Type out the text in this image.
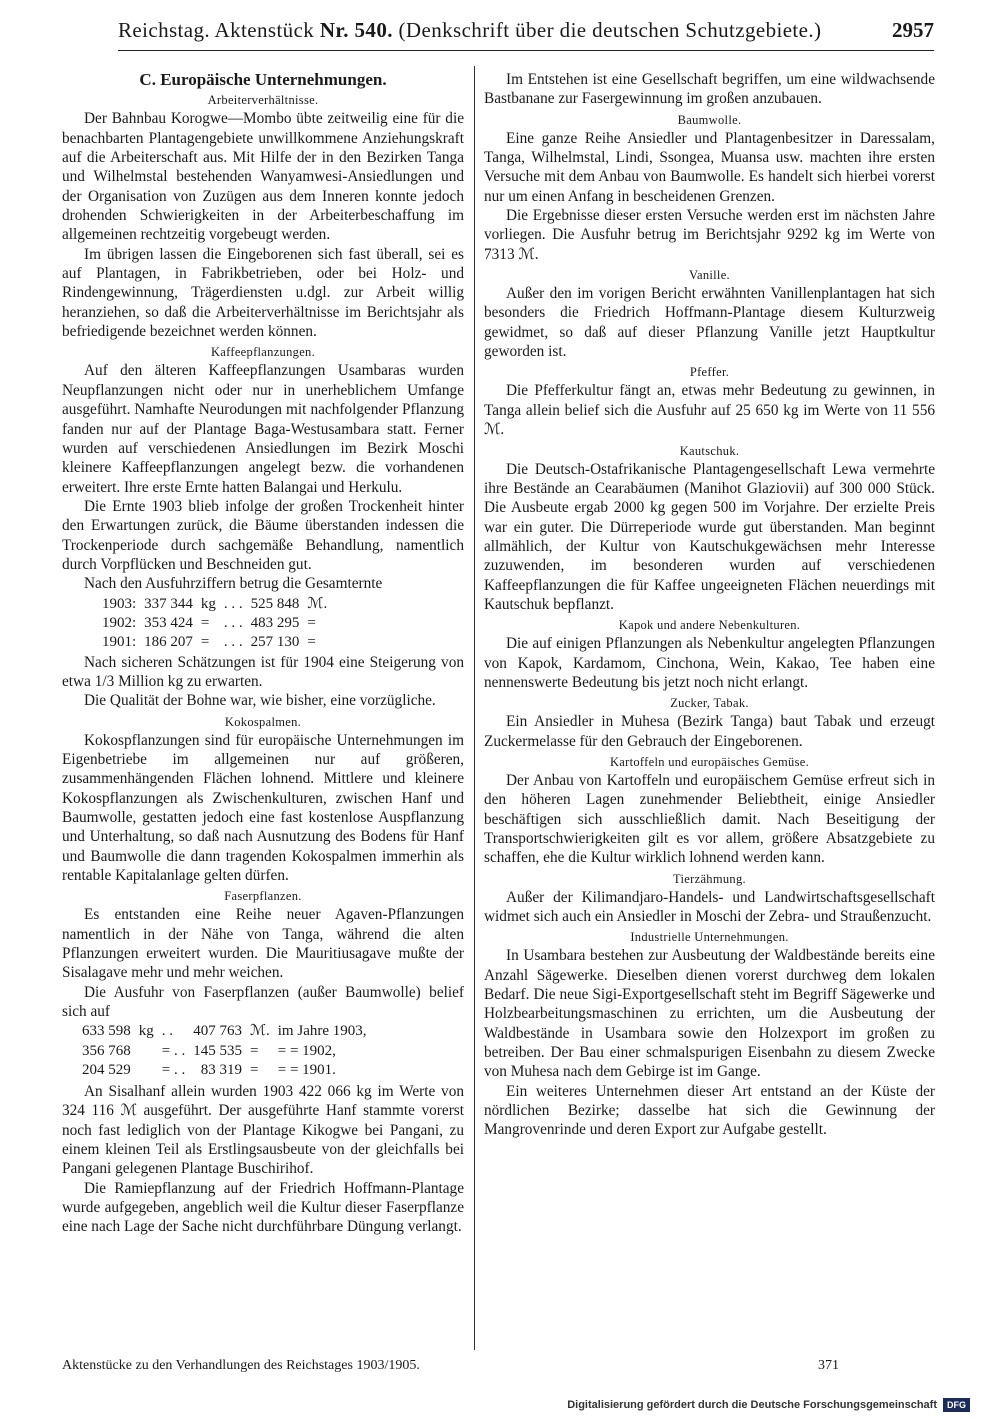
Reichstag. Aktenstück Nr. 540. (Denkschrift über die deutschen Schutzgebiete.)	2957
C. Europäische Unternehmungen.
Arbeiterverhältnisse.

Der Bahnbau Korogwe—Mombo übte zeitweilig eine für die benachbarten Plantagengebiete unwillkommene Anziehungskraft auf die Arbeiterschaft aus. Mit Hilfe der in den Bezirken Tanga und Wilhelmstal bestehenden Wanyamwesi-Ansiedlungen und der Organisation von Zuzügen aus dem Inneren konnte jedoch drohenden Schwierigkeiten in der Arbeiterbeschaffung im allgemeinen rechtzeitig vorgebeugt werden.

Im übrigen lassen die Eingeborenen sich fast überall, sei es auf Plantagen, in Fabrikbetrieben, oder bei Holz- und Rindengewinnung, Trägerdiensten u.dgl. zur Arbeit willig heranziehen, so daß die Arbeiterverhältnisse im Berichtsjahr als befriedigende bezeichnet werden können.

Kaffeepflanzungen.

Auf den älteren Kaffeepflanzungen Usambaras wurden Neupflanzungen nicht oder nur in unerheblichem Umfange ausgeführt. Namhafte Neurodungen mit nachfolgender Pflanzung fanden nur auf der Plantage Baga-Westusambara statt. Ferner wurden auf verschiedenen Ansiedlungen im Bezirk Moschi kleinere Kaffeepflanzungen angelegt bezw. die vorhandenen erweitert. Ihre erste Ernte hatten Balangai und Herkulu.

Die Ernte 1903 blieb infolge der großen Trockenheit hinter den Erwartungen zurück, die Bäume überstanden indessen die Trockenperiode durch sachgemäße Behandlung, namentlich durch Vorpflücken und Beschneiden gut.

Nach den Ausfuhrziffern betrug die Gesamternte

1903:	337 344	kg	. . .	525 848	ℳ.
1902:	353 424	=	. . .	483 295	=
1901:	186 207	=	. . .	257 130	=

Nach sicheren Schätzungen ist für 1904 eine Steigerung von etwa 1/3 Million kg zu erwarten.

Die Qualität der Bohne war, wie bisher, eine vorzügliche.

Kokospalmen.

Kokospflanzungen sind für europäische Unternehmungen im Eigenbetriebe im allgemeinen nur auf größeren, zusammenhängenden Flächen lohnend. Mittlere und kleinere Kokospflanzungen als Zwischenkulturen, zwischen Hanf und Baumwolle, gestatten jedoch eine fast kostenlose Auspflanzung und Unterhaltung, so daß nach Ausnutzung des Bodens für Hanf und Baumwolle die dann tragenden Kokospalmen immerhin als rentable Kapitalanlage gelten dürfen.

Faserpflanzen.

Es entstanden eine Reihe neuer Agaven-Pflanzungen namentlich in der Nähe von Tanga, während die alten Pflanzungen erweitert wurden. Die Mauritiusagave mußte der Sisalagave mehr und mehr weichen.

Die Ausfuhr von Faserpflanzen (außer Baumwolle) belief sich auf

633 598	kg	. .	407 763	ℳ.	im Jahre 1903,
356 768		= . .	145 535	=	= = 1902,
204 529		= . .	83 319	=	= = 1901.

An Sisalhanf allein wurden 1903 422 066 kg im Werte von 324 116 ℳ ausgeführt. Der ausgeführte Hanf stammte vorerst noch fast lediglich von der Plantage Kikogwe bei Pangani, zu einem kleinen Teil als Erstlingsausbeute von der gleichfalls bei Pangani gelegenen Plantage Buschirihof.

Die Ramiepflanzung auf der Friedrich Hoffmann-Plantage wurde aufgegeben, angeblich weil die Kultur dieser Faserpflanze eine nach Lage der Sache nicht durchführbare Düngung verlangt.

Im Entstehen ist eine Gesellschaft begriffen, um eine wildwachsende Bastbanane zur Fasergewinnung im großen anzubauen.

Baumwolle.

Eine ganze Reihe Ansiedler und Plantagenbesitzer in Daressalam, Tanga, Wilhelmstal, Lindi, Ssongea, Muansa usw. machten ihre ersten Versuche mit dem Anbau von Baumwolle. Es handelt sich hierbei vorerst nur um einen Anfang in bescheidenen Grenzen.

Die Ergebnisse dieser ersten Versuche werden erst im nächsten Jahre vorliegen. Die Ausfuhr betrug im Berichtsjahr 9292 kg im Werte von 7313 ℳ.

Vanille.

Außer den im vorigen Bericht erwähnten Vanillenplantagen hat sich besonders die Friedrich Hoffmann-Plantage diesem Kulturzweig gewidmet, so daß auf dieser Pflanzung Vanille jetzt Hauptkultur geworden ist.

Pfeffer.

Die Pfefferkultur fängt an, etwas mehr Bedeutung zu gewinnen, in Tanga allein belief sich die Ausfuhr auf 25 650 kg im Werte von 11 556 ℳ.

Kautschuk.

Die Deutsch-Ostafrikanische Plantagengesellschaft Lewa vermehrte ihre Bestände an Cearabäumen (Manihot Glaziovii) auf 300 000 Stück. Die Ausbeute ergab 2000 kg gegen 500 im Vorjahre. Der erzielte Preis war ein guter. Die Dürreperiode wurde gut überstanden. Man beginnt allmählich, der Kultur von Kautschukgewächsen mehr Interesse zuzuwenden, im besonderen wurden auf verschiedenen Kaffeepflanzungen die für Kaffee ungeeigneten Flächen neuerdings mit Kautschuk bepflanzt.

Kapok und andere Nebenkulturen.

Die auf einigen Pflanzungen als Nebenkultur angelegten Pflanzungen von Kapok, Kardamom, Cinchona, Wein, Kakao, Tee haben eine nennenswerte Bedeutung bis jetzt noch nicht erlangt.

Zucker, Tabak.

Ein Ansiedler in Muhesa (Bezirk Tanga) baut Tabak und erzeugt Zuckermelasse für den Gebrauch der Eingeborenen.

Kartoffeln und europäisches Gemüse.

Der Anbau von Kartoffeln und europäischem Gemüse erfreut sich in den höheren Lagen zunehmender Beliebtheit, einige Ansiedler beschäftigen sich ausschließlich damit. Nach Beseitigung der Transportschwierigkeiten gilt es vor allem, größere Absatzgebiete zu schaffen, ehe die Kultur wirklich lohnend werden kann.

Tierzähmung.

Außer der Kilimandjaro-Handels- und Landwirtschaftsgesellschaft widmet sich auch ein Ansiedler in Moschi der Zebra- und Straußenzucht.

Industrielle Unternehmungen.

In Usambara bestehen zur Ausbeutung der Waldbestände bereits eine Anzahl Sägewerke. Dieselben dienen vorerst durchweg dem lokalen Bedarf. Die neue Sigi-Exportgesellschaft steht im Begriff Sägewerke und Holzbearbeitungsmaschinen zu errichten, um die Ausbeutung der Waldbestände in Usambara sowie den Holzexport im großen zu betreiben. Der Bau einer schmalspurigen Eisenbahn zu diesem Zwecke von Muhesa nach dem Gebirge ist im Gange.

Ein weiteres Unternehmen dieser Art entstand an der Küste der nördlichen Bezirke; dasselbe hat sich die Gewinnung der Mangrovenrinde und deren Export zur Aufgabe gestellt.

Aktenstücke zu den Verhandlungen des Reichstages 1903/1905.	371
Digitalisierung gefördert durch die Deutsche Forschungsgemeinschaft	DFG
